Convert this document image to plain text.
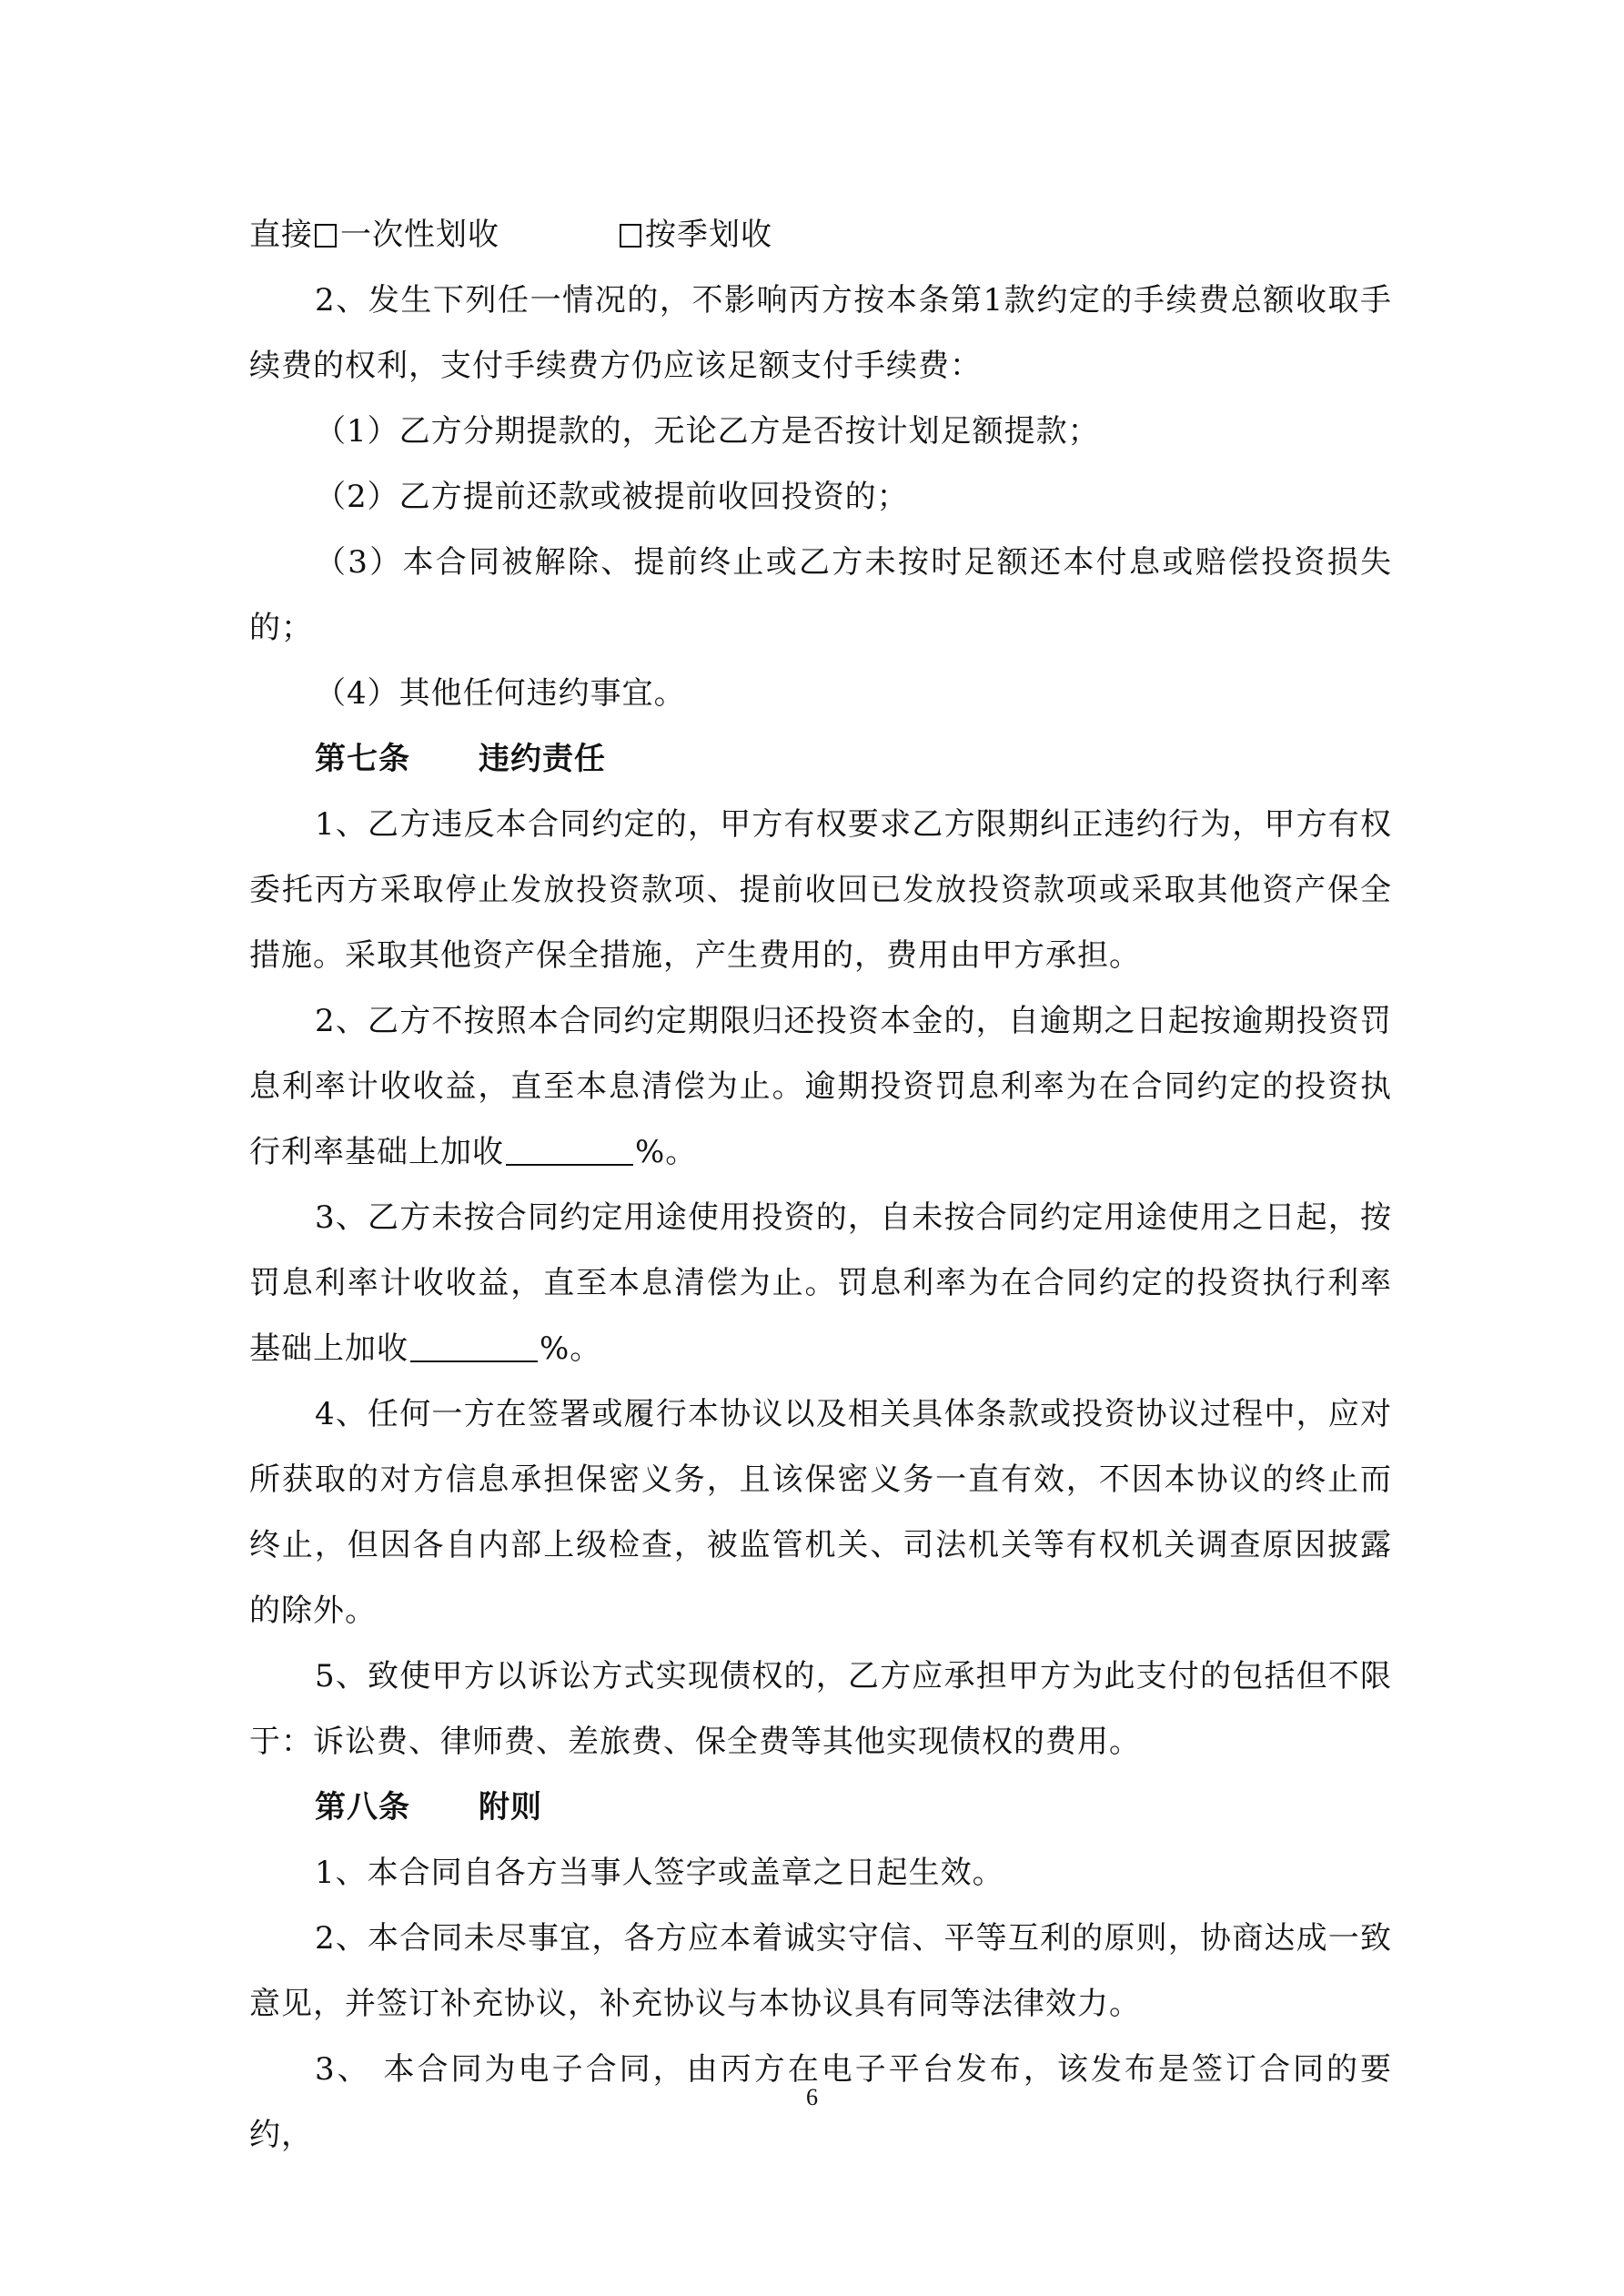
直接 一次性划收	按季划收

2、发生下列任一情况的，不影响丙方按本条第1款约定的手续费总额收取手续费的权利，支付手续费方仍应该足额支付手续费：

（1）乙方分期提款的，无论乙方是否按计划足额提款；

（2）乙方提前还款或被提前收回投资的；

（3）本合同被解除、提前终止或乙方未按时足额还本付息或赔偿投资损失的；

（4）其他任何违约事宜。

第七条 违约责任

1、乙方违反本合同约定的，甲方有权要求乙方限期纠正违约行为，甲方有权委托丙方采取停止发放投资款项、提前收回已发放投资款项或采取其他资产保全措施。采取其他资产保全措施，产生费用的，费用由甲方承担。

2、乙方不按照本合同约定期限归还投资本金的，自逾期之日起按逾期投资罚息利率计收收益，直至本息清偿为止。逾期投资罚息利率为在合同约定的投资执行利率基础上加收	%。

3、乙方未按合同约定用途使用投资的，自未按合同约定用途使用之日起，按罚息利率计收收益，直至本息清偿为止。罚息利率为在合同约定的投资执行利率基础上加收	%。

4、任何一方在签署或履行本协议以及相关具体条款或投资协议过程中，应对所获取的对方信息承担保密义务，且该保密义务一直有效，不因本协议的终止而终止，但因各自内部上级检查，被监管机关、司法机关等有权机关调查原因披露的除外。

5、致使甲方以诉讼方式实现债权的，乙方应承担甲方为此支付的包括但不限于：诉讼费、律师费、差旅费、保全费等其他实现债权的费用。

第八条 附则

1、本合同自各方当事人签字或盖章之日起生效。

2、本合同未尽事宜，各方应本着诚实守信、平等互利的原则，协商达成一致意见，并签订补充协议，补充协议与本协议具有同等法律效力。

3、 本合同为电子合同，由丙方在电子平台发布，该发布是签订合同的要约，

6
